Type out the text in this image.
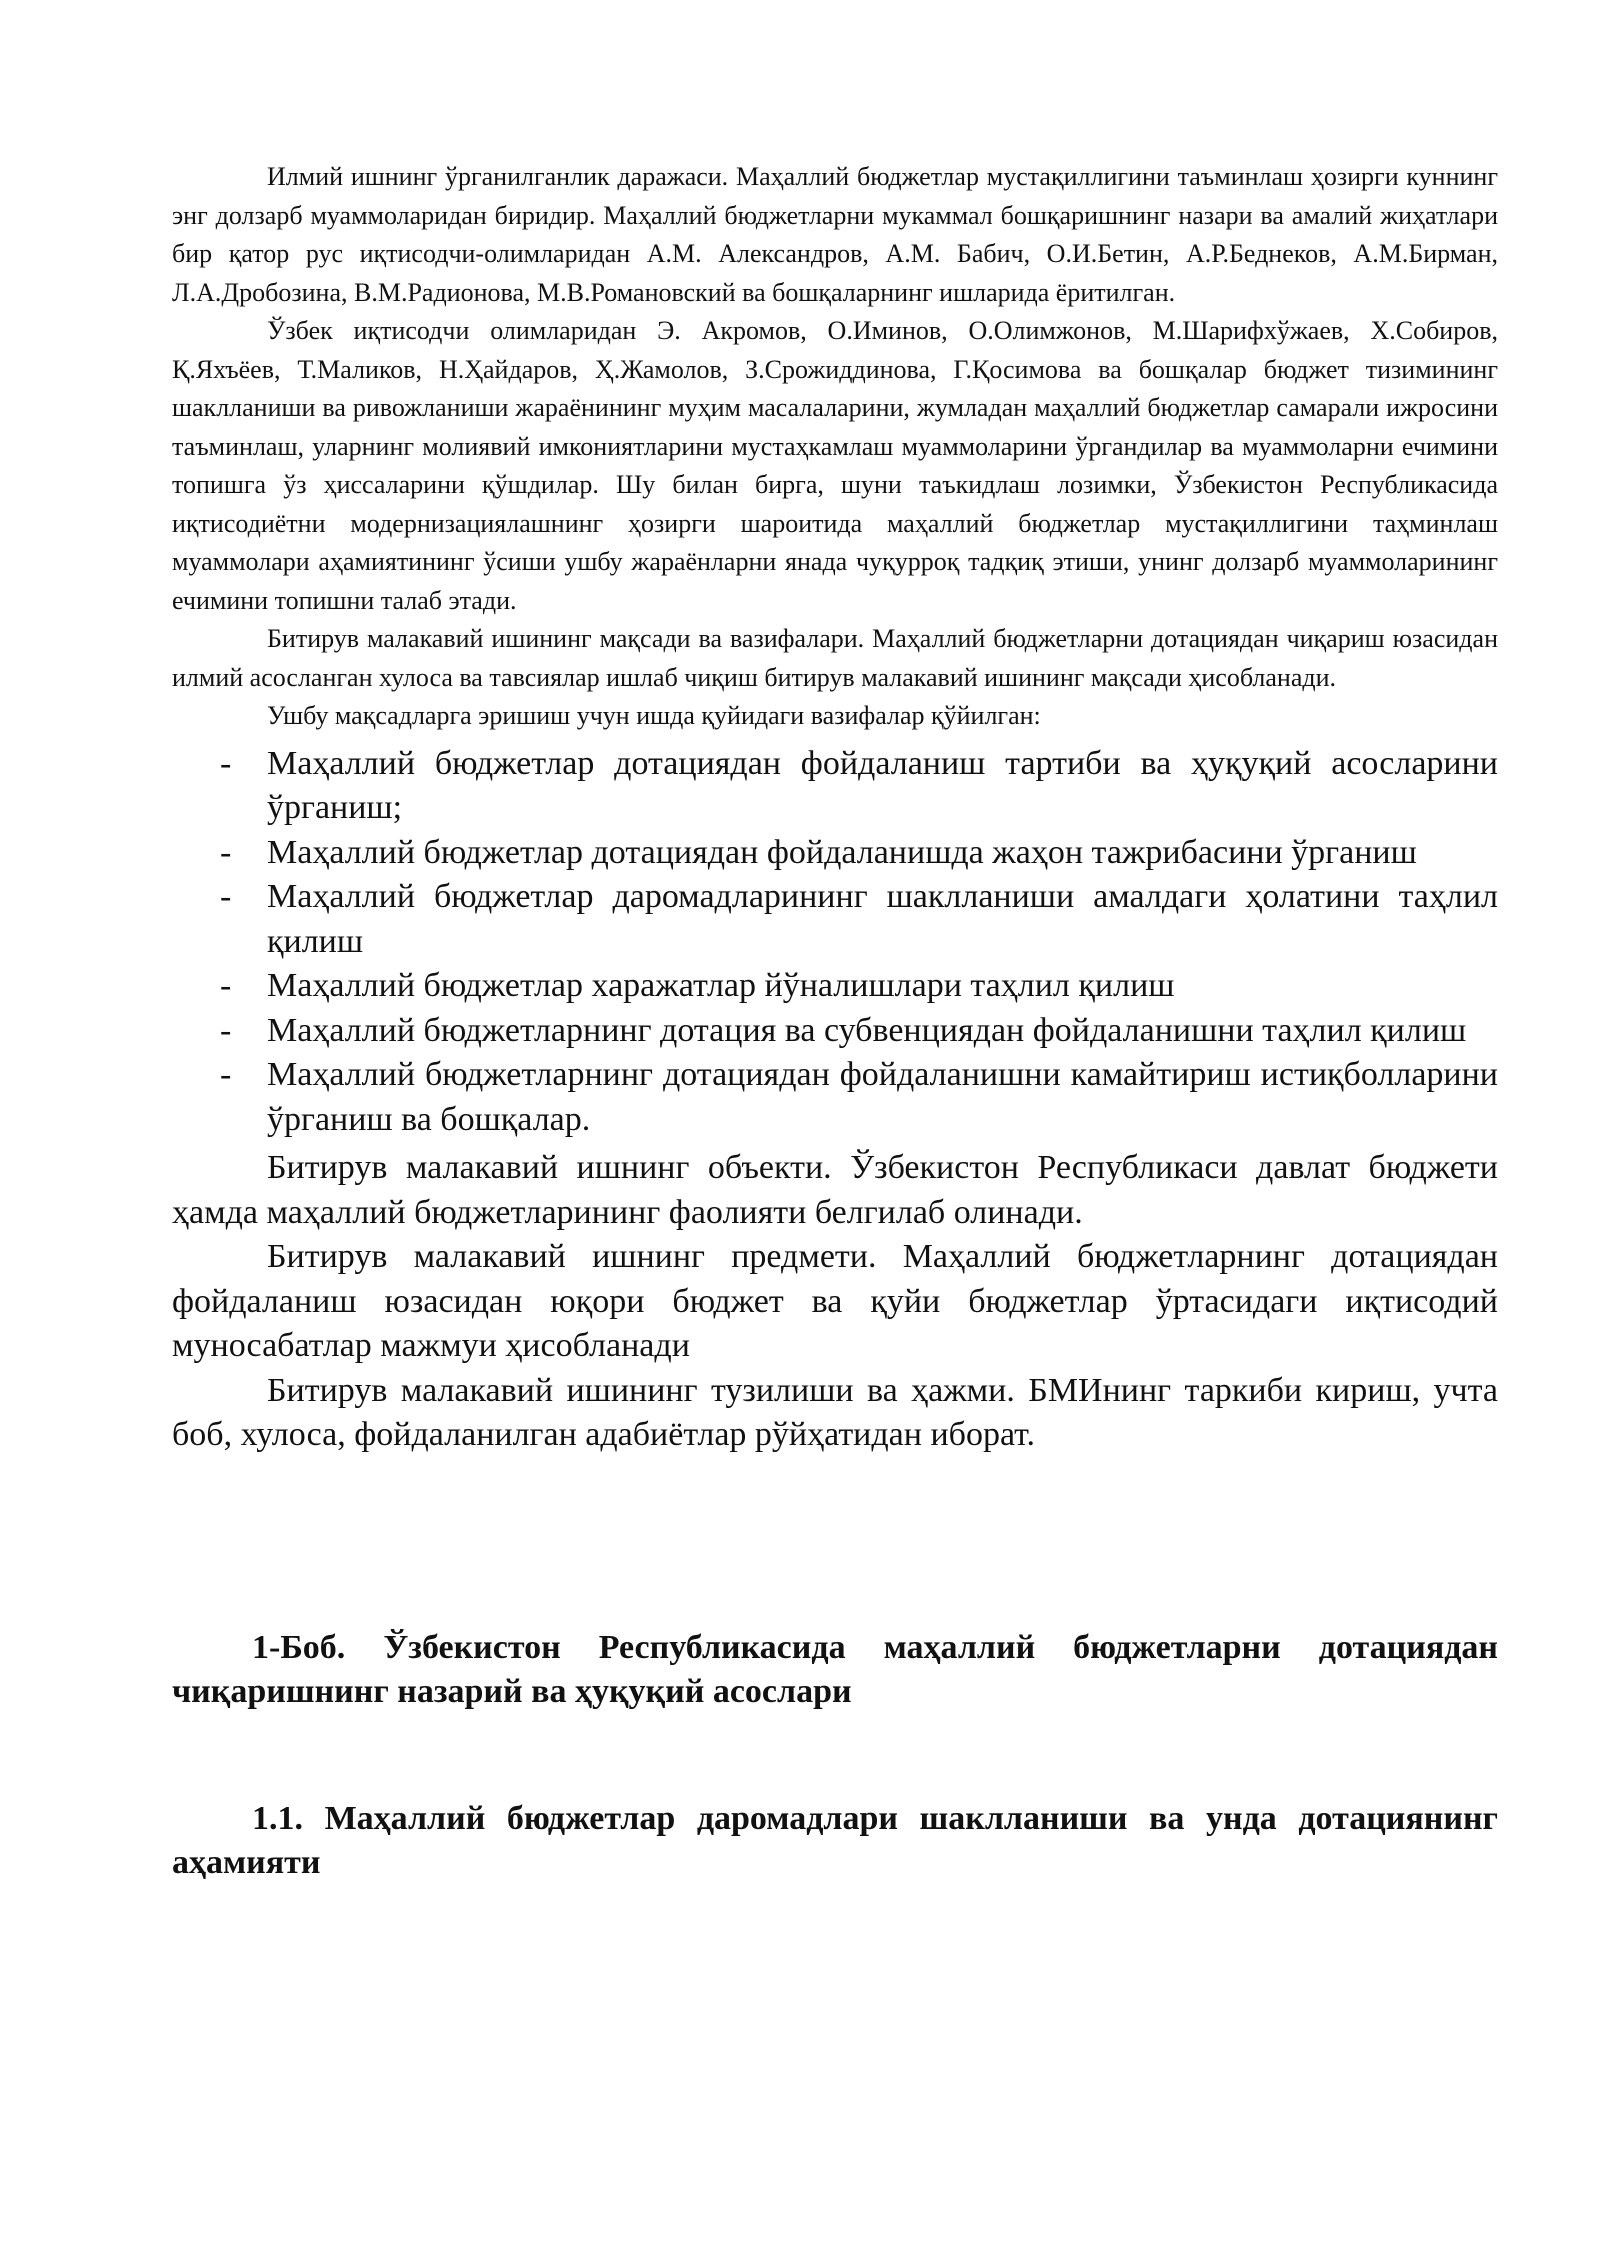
Илмий ишнинг ўрганилганлик даражаси. Маҳаллий бюджетлар мустақиллигини таъминлаш ҳозирги куннинг энг долзарб муаммоларидан биридир. Маҳаллий бюджетларни мукаммал бошқаришнинг назари ва амалий жиҳатлари бир қатор рус иқтисодчи-олимларидан А.М. Александров, А.М. Бабич, О.И.Бетин, А.Р.Беднеков, А.М.Бирман, Л.А.Дробозина, В.М.Радионова, М.В.Романовский ва бошқаларнинг ишларида ёритилган.

Ўзбек иқтисодчи олимларидан Э. Акромов, О.Иминов, О.Олимжонов, М.Шарифхўжаев, Х.Собиров, Қ.Яхъёев, Т.Маликов, Н.Ҳайдаров, Ҳ.Жамолов, З.Срожиддинова, Г.Қосимова ва бошқалар бюджет тизимининг шаклланиши ва ривожланиши жараёнининг муҳим масалаларини, жумладан маҳаллий бюджетлар самарали ижросини таъминлаш, уларнинг молиявий имкониятларини мустаҳкамлаш муаммоларини ўргандилар ва муаммоларни ечимини топишга ўз ҳиссаларини қўшдилар. Шу билан бирга, шуни таъкидлаш лозимки, Ўзбекистон Республикасида иқтисодиётни модернизациялашнинг ҳозирги шароитида маҳаллий бюджетлар мустақиллигини таҳминлаш муаммолари аҳамиятининг ўсиши ушбу жараёнларни янада чуқурроқ тадқиқ этиши, унинг долзарб муаммоларининг ечимини топишни талаб этади.

Битирув малакавий ишининг мақсади ва вазифалари. Маҳаллий бюджетларни дотациядан чиқариш юзасидан илмий асосланган хулоса ва тавсиялар ишлаб чиқиш битирув малакавий ишининг мақсади ҳисобланади.

Ушбу мақсадларга эришиш учун ишда қуйидаги вазифалар қўйилган:

- Маҳаллий бюджетлар дотациядан фойдаланиш тартиби ва ҳуқуқий асосларини ўрганиш;
- Маҳаллий бюджетлар дотациядан фойдаланишда жаҳон тажрибасини ўрганиш
- Маҳаллий бюджетлар даромадларининг шаклланиши амалдаги ҳолатини таҳлил қилиш
- Маҳаллий бюджетлар харажатлар йўналишлари таҳлил қилиш
- Маҳаллий бюджетларнинг дотация ва субвенциядан фойдаланишни таҳлил қилиш
- Маҳаллий бюджетларнинг дотациядан фойдаланишни камайтириш истиқболларини ўрганиш ва бошқалар.

Битирув малакавий ишнинг объекти. Ўзбекистон Республикаси давлат бюджети ҳамда маҳаллий бюджетларининг фаолияти белгилаб олинади.

Битирув малакавий ишнинг предмети. Маҳаллий бюджетларнинг дотациядан фойдаланиш юзасидан юқори бюджет ва қуйи бюджетлар ўртасидаги иқтисодий муносабатлар мажмуи ҳисобланади

Битирув малакавий ишининг тузилиши ва ҳажми. БМИнинг таркиби кириш, учта боб, хулоса, фойдаланилган адабиётлар рўйҳатидан иборат.

1-Боб. Ўзбекистон Республикасида маҳаллий бюджетларни дотациядан чиқаришнинг назарий ва ҳуқуқий асослари

1.1. Маҳаллий бюджетлар даромадлари шаклланиши ва унда дотациянинг аҳамияти
